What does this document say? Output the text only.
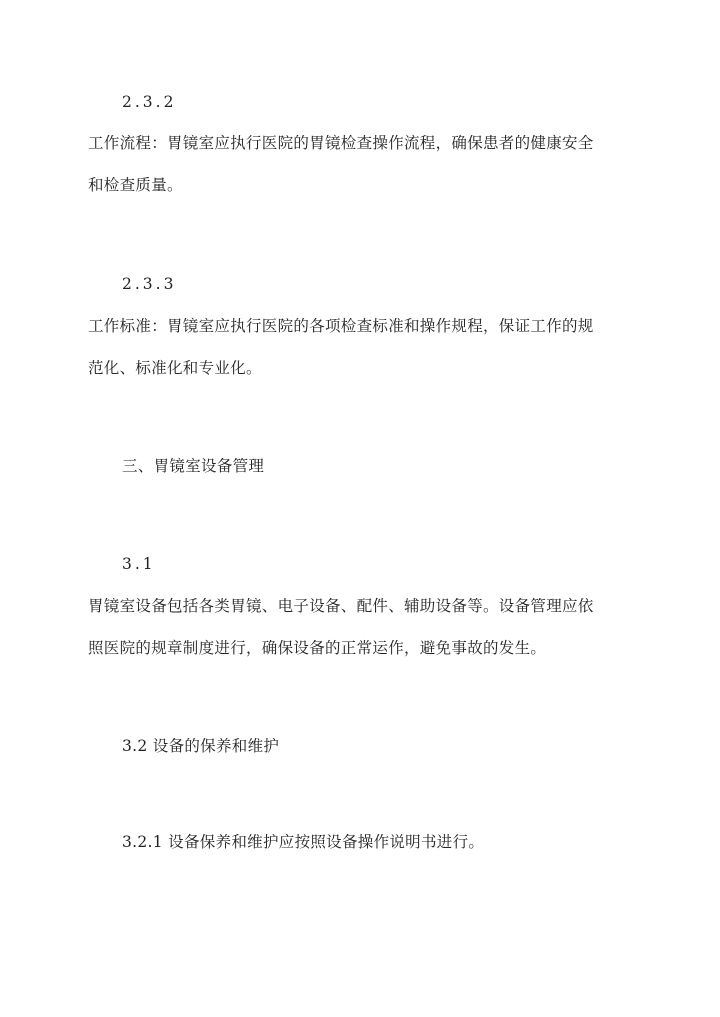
2.3.2
工作流程：胃镜室应执行医院的胃镜检查操作流程，确保患者的健康安全
和检查质量。
2.3.3
工作标准：胃镜室应执行医院的各项检查标准和操作规程，保证工作的规
范化、标准化和专业化。
三、胃镜室设备管理
3.1
胃镜室设备包括各类胃镜、电子设备、配件、辅助设备等。设备管理应依
照医院的规章制度进行，确保设备的正常运作，避免事故的发生。
3.2 设备的保养和维护
3.2.1 设备保养和维护应按照设备操作说明书进行。
